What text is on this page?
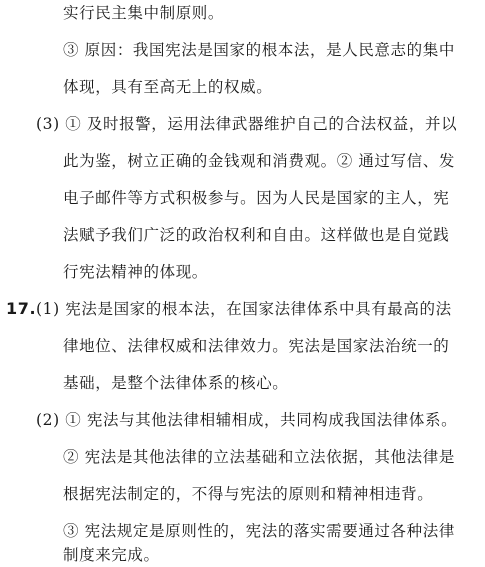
实行民主集中制原则。
③ 原因：我国宪法是国家的根本法，是人民意志的集中
体现，具有至高无上的权威。
(3) ① 及时报警，运用法律武器维护自己的合法权益，并以
此为鉴，树立正确的金钱观和消费观。② 通过写信、发
电子邮件等方式积极参与。因为人民是国家的主人，宪
法赋予我们广泛的政治权利和自由。这样做也是自觉践
行宪法精神的体现。
17. (1) 宪法是国家的根本法，在国家法律体系中具有最高的法
律地位、法律权威和法律效力。宪法是国家法治统一的
基础，是整个法律体系的核心。
(2) ① 宪法与其他法律相辅相成，共同构成我国法律体系。
② 宪法是其他法律的立法基础和立法依据，其他法律是
根据宪法制定的，不得与宪法的原则和精神相违背。
③ 宪法规定是原则性的，宪法的落实需要通过各种法律
制度来完成。
